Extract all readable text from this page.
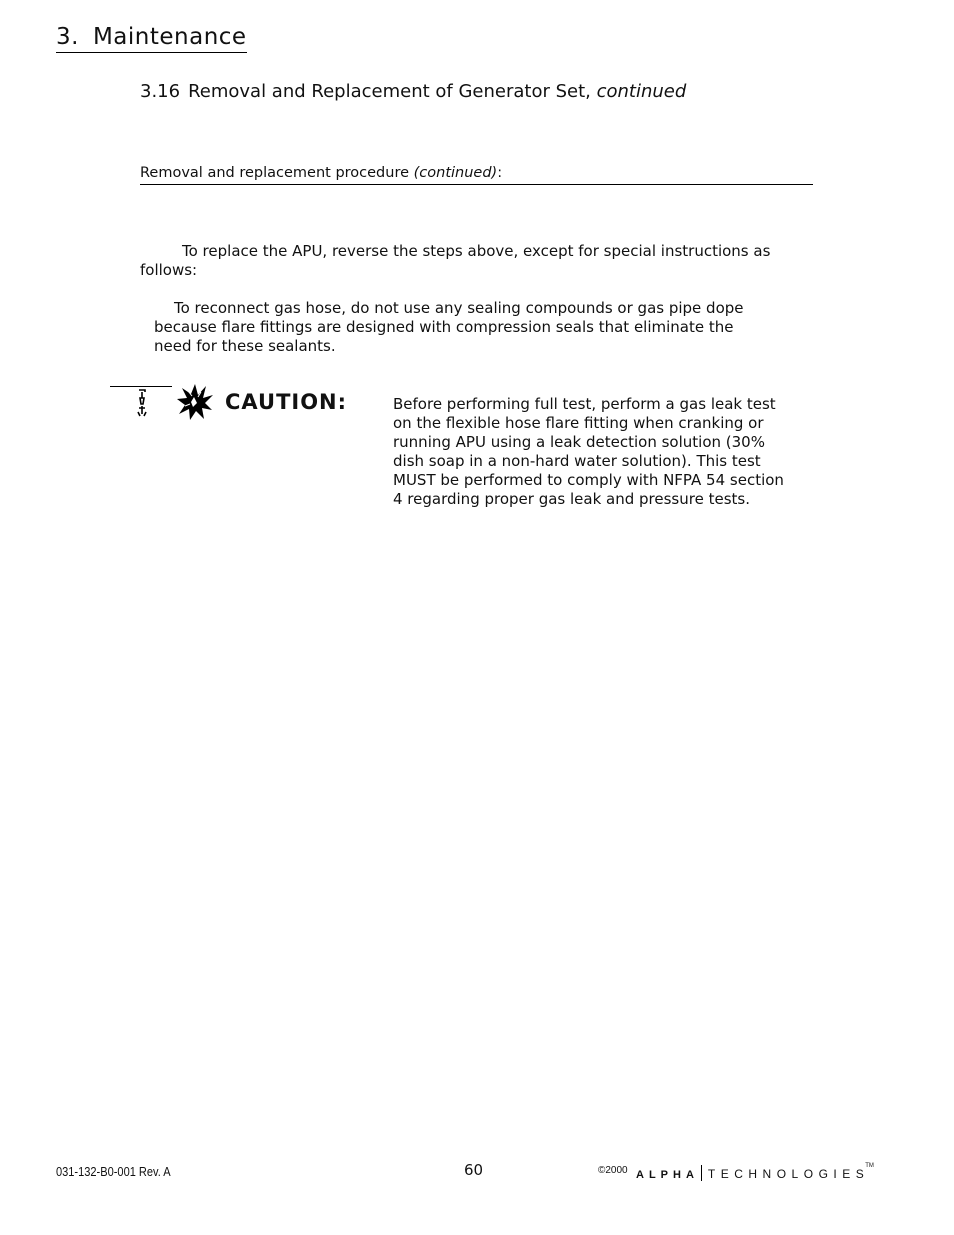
3. Maintenance
3.16 Removal and Replacement of Generator Set, continued
Removal and replacement procedure (continued):
To replace the APU, reverse the steps above, except for special instructions as follows:
To reconnect gas hose, do not use any sealing compounds or gas pipe dope
because flare fittings are designed with compression seals that eliminate the
need for these sealants.
CAUTION:	Before performing full test, perform a gas leak test
on the flexible hose flare fitting when cranking or
running APU using a leak detection solution (30%
dish soap in a non-hard water solution). This test
MUST be performed to comply with NFPA 54 section
4 regarding proper gas leak and pressure tests.
031-132-B0-001 Rev. A	60	©2000 ALPHA TECHNOLOGIES
TM
